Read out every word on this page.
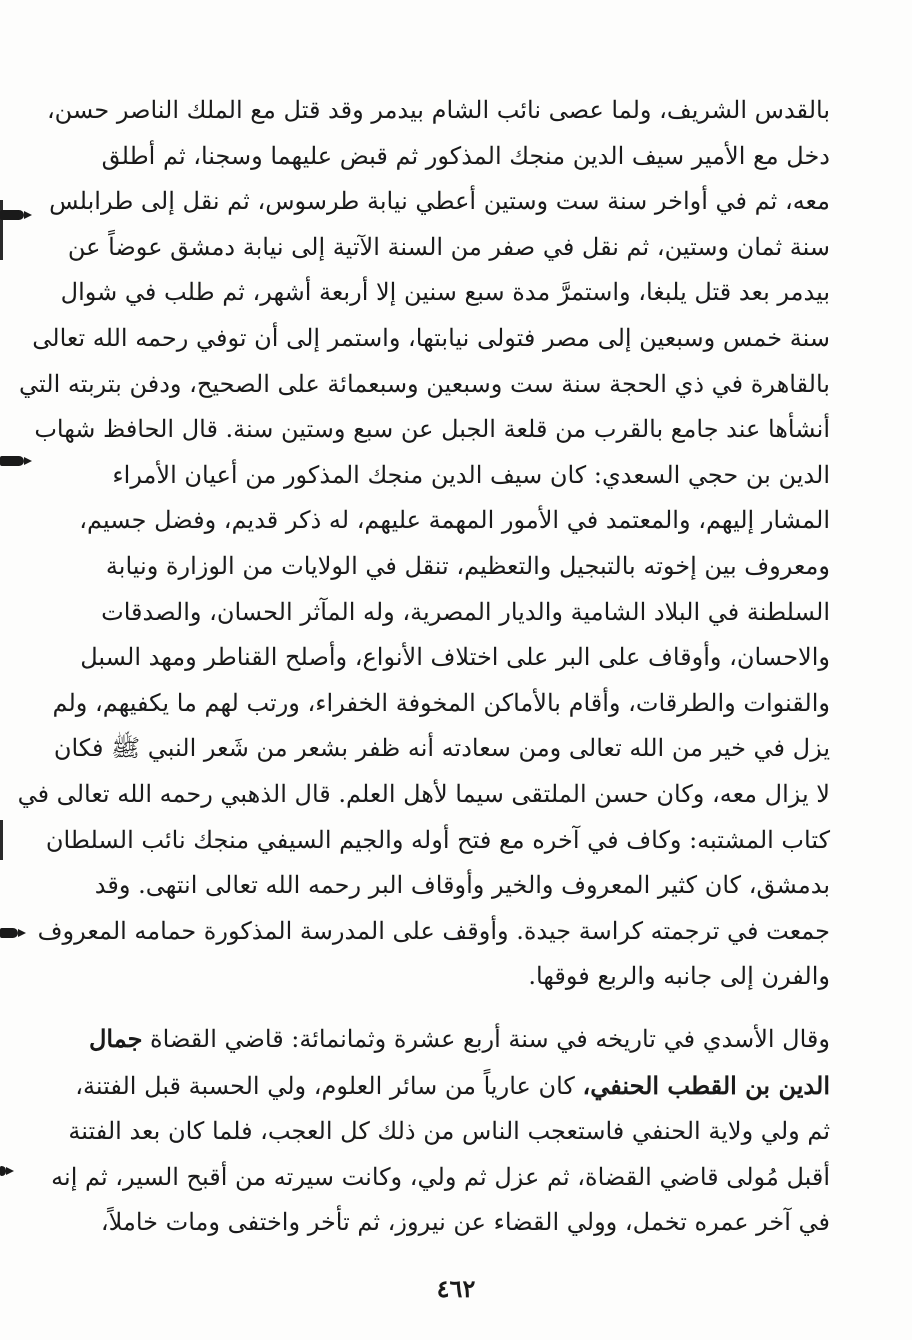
بالقدس الشريف، ولما عصى نائب الشام بيدمر وقد قتل مع الملك الناصر حسن،
دخل مع الأمير سيف الدين منجك المذكور ثم قبض عليهما وسجنا، ثم أطلق
معه، ثم في أواخر سنة ست وستين أعطي نيابة طرسوس، ثم نقل إلى طرابلس
سنة ثمان وستين، ثم نقل في صفر من السنة الآتية إلى نيابة دمشق عوضاً عن
بيدمر بعد قتل يلبغا، واستمرَّ مدة سبع سنين إلا أربعة أشهر، ثم طلب في شوال
سنة خمس وسبعين إلى مصر فتولى نيابتها، واستمر إلى أن توفي رحمه الله تعالى
بالقاهرة في ذي الحجة سنة ست وسبعين وسبعمائة على الصحيح، ودفن بتربته التي
أنشأها عند جامع بالقرب من قلعة الجبل عن سبع وستين سنة. قال الحافظ شهاب
الدين بن حجي السعدي: كان سيف الدين منجك المذكور من أعيان الأمراء
المشار إليهم، والمعتمد في الأمور المهمة عليهم، له ذكر قديم، وفضل جسيم،
ومعروف بين إخوته بالتبجيل والتعظيم، تنقل في الولايات من الوزارة ونيابة
السلطنة في البلاد الشامية والديار المصرية، وله المآثر الحسان، والصدقات
والاحسان، وأوقاف على البر على اختلاف الأنواع، وأصلح القناطر ومهد السبل
والقنوات والطرقات، وأقام بالأماكن المخوفة الخفراء، ورتب لهم ما يكفيهم، ولم
يزل في خير من الله تعالى ومن سعادته أنه ظفر بشعر من شَعر النبي ﷺ فكان
لا يزال معه، وكان حسن الملتقى سيما لأهل العلم. قال الذهبي رحمه الله تعالى في
كتاب المشتبه: وكاف في آخره مع فتح أوله والجيم السيفي منجك نائب السلطان
بدمشق، كان كثير المعروف والخير وأوقاف البر رحمه الله تعالى انتهى. وقد
جمعت في ترجمته كراسة جيدة. وأوقف على المدرسة المذكورة حمامه المعروف
والفرن إلى جانبه والربع فوقها.
وقال الأسدي في تاريخه في سنة أربع عشرة وثمانمائة: قاضي القضاة جمال
الدين بن القطب الحنفي، كان عارياً من سائر العلوم، ولي الحسبة قبل الفتنة،
ثم ولي ولاية الحنفي فاستعجب الناس من ذلك كل العجب، فلما كان بعد الفتنة
أقبل مُولى قاضي القضاة، ثم عزل ثم ولي، وكانت سيرته من أقبح السير، ثم إنه
في آخر عمره تخمل، وولي القضاء عن نيروز، ثم تأخر واختفى ومات خاملاً،
٤٦٢
